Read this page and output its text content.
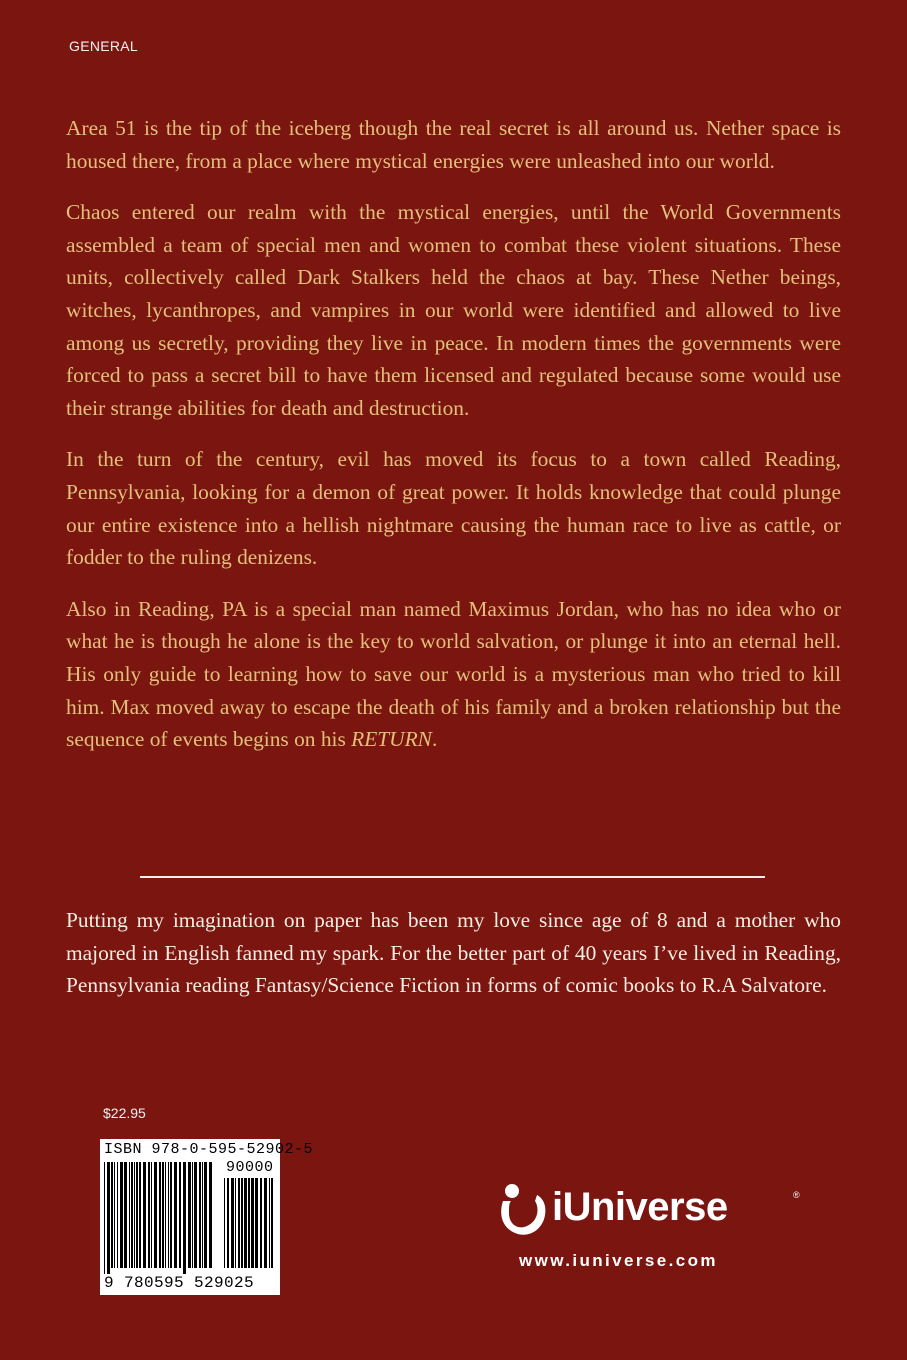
GENERAL

Area 51 is the tip of the iceberg though the real secret is all around us. Nether space is housed there, from a place where mystical energies were unleashed into our world.

Chaos entered our realm with the mystical energies, until the World Governments assembled a team of special men and women to combat these violent situations. These units, collectively called Dark Stalkers held the chaos at bay. These Nether beings, witches, lycanthropes, and vampires in our world were identified and allowed to live among us secretly, providing they live in peace. In modern times the governments were forced to pass a secret bill to have them licensed and regulated because some would use their strange abilities for death and destruction.

In the turn of the century, evil has moved its focus to a town called Reading, Pennsylvania, looking for a demon of great power. It holds knowledge that could plunge our entire existence into a hellish nightmare causing the human race to live as cattle, or fodder to the ruling denizens.

Also in Reading, PA is a special man named Maximus Jordan, who has no idea who or what he is though he alone is the key to world salvation, or plunge it into an eternal hell. His only guide to learning how to save our world is a mysterious man who tried to kill him. Max moved away to escape the death of his family and a broken relationship but the sequence of events begins on his RETURN.

Putting my imagination on paper has been my love since age of 8 and a mother who majored in English fanned my spark. For the better part of 40 years I’ve lived in Reading, Pennsylvania reading Fantasy/Science Fiction in forms of comic books to R.A Salvatore.

$22.95
ISBN 978-0-595-52902-5
90000
9 780595 529025
iUniverse	®
www.iuniverse.com
